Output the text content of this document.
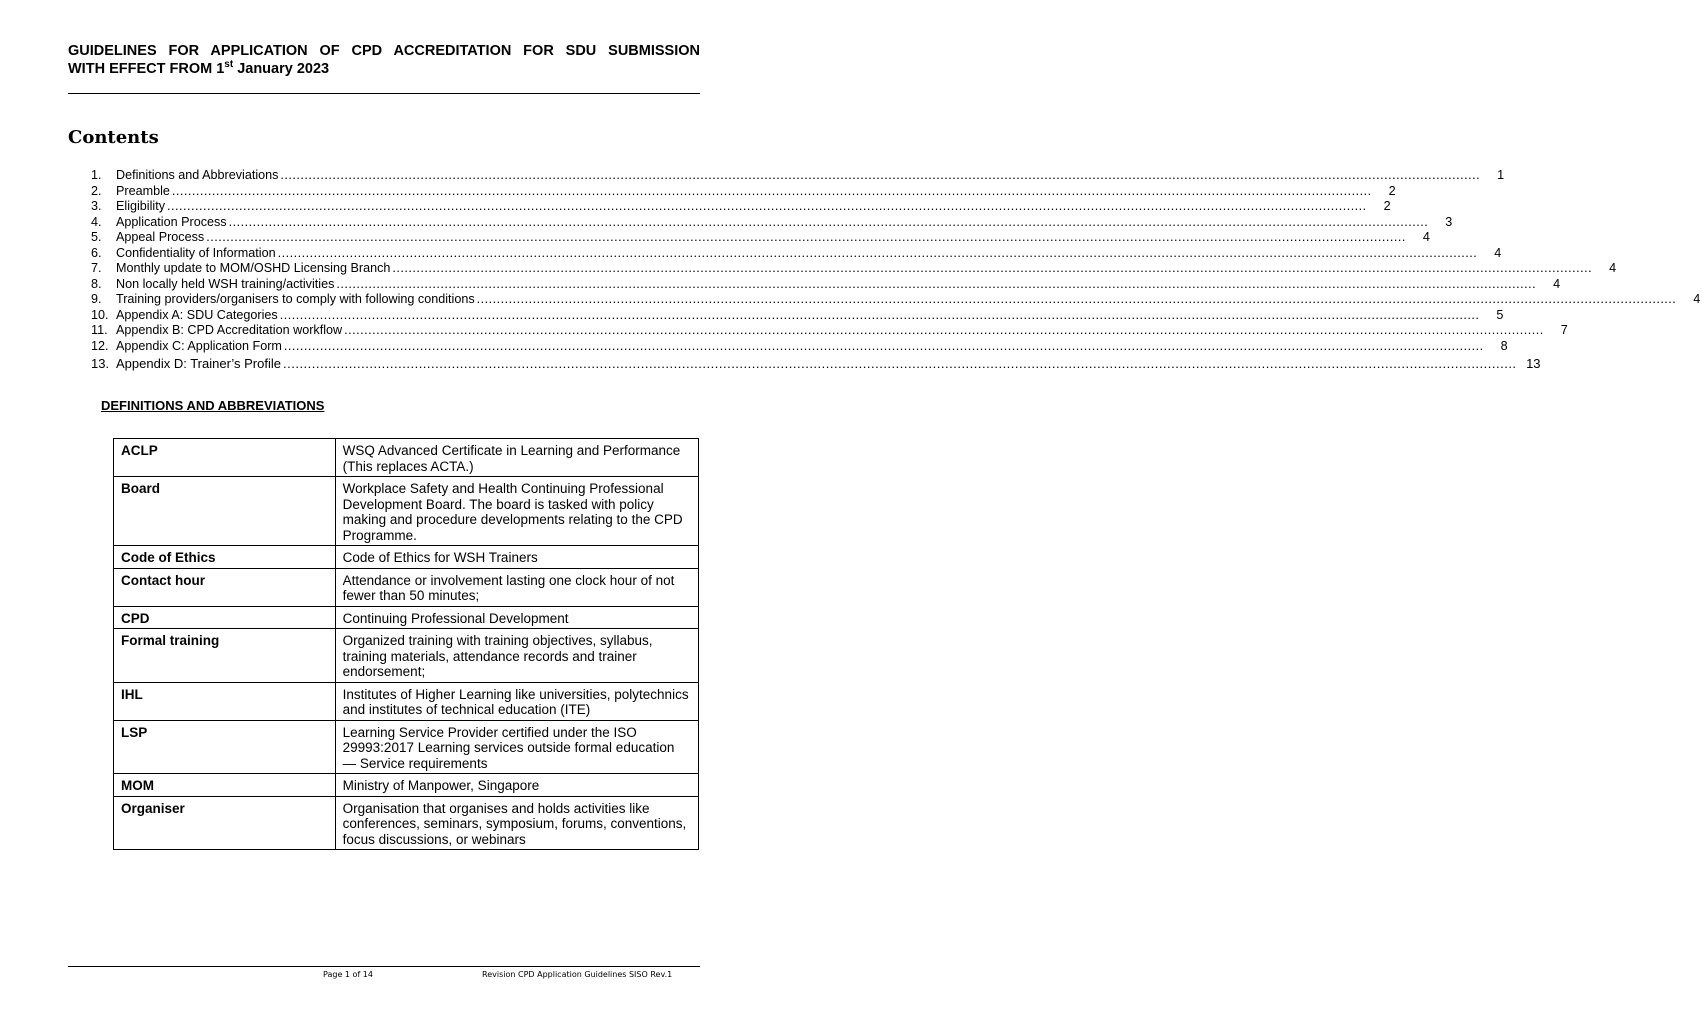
GUIDELINES FOR APPLICATION OF CPD ACCREDITATION FOR SDU SUBMISSION
WITH EFFECT FROM 1st January 2023
Contents
1.	Definitions and Abbreviations ............................................................................................................................................................................................................................................................................................................	1
2.	Preamble ............................................................................................................................................................................................................................................................................................................	2
3.	Eligibility ............................................................................................................................................................................................................................................................................................................	2
4.	Application Process ............................................................................................................................................................................................................................................................................................................	3
5.	Appeal Process ............................................................................................................................................................................................................................................................................................................	4
6.	Confidentiality of Information ............................................................................................................................................................................................................................................................................................................	4
7.	Monthly update to MOM/OSHD Licensing Branch ............................................................................................................................................................................................................................................................................................................	4
8.	Non locally held WSH training/activities ............................................................................................................................................................................................................................................................................................................	4
9.	Training providers/organisers to comply with following conditions ............................................................................................................................................................................................................................................................................................................	4
10. Appendix A: SDU Categories ............................................................................................................................................................................................................................................................................................................	5
11. Appendix B: CPD Accreditation workflow ............................................................................................................................................................................................................................................................................................................	7
12. Appendix C: Application Form ............................................................................................................................................................................................................................................................................................................	8
13. Appendix D: Trainer’s Profile ............................................................................................................................................................................................................................................................................................................ 13
DEFINITIONS AND ABBREVIATIONS
ACLP	WSQ Advanced Certificate in Learning and Performance (This replaces ACTA.)
Board	Workplace Safety and Health Continuing Professional Development Board. The board is tasked with policy making and procedure developments relating to the CPD Programme.
Code of Ethics	Code of Ethics for WSH Trainers
Contact hour	Attendance or involvement lasting one clock hour of not fewer than 50 minutes;
CPD	Continuing Professional Development
Formal training	Organized training with training objectives, syllabus, training materials, attendance records and trainer endorsement;
IHL	Institutes of Higher Learning like universities, polytechnics and institutes of technical education (ITE)
LSP	Learning Service Provider certified under the ISO 29993:2017 Learning services outside formal education — Service requirements
MOM	Ministry of Manpower, Singapore
Organiser	Organisation that organises and holds activities like conferences, seminars, symposium, forums, conventions, focus discussions, or webinars
Page 1 of 14	Revision CPD Application Guidelines SISO Rev.1
